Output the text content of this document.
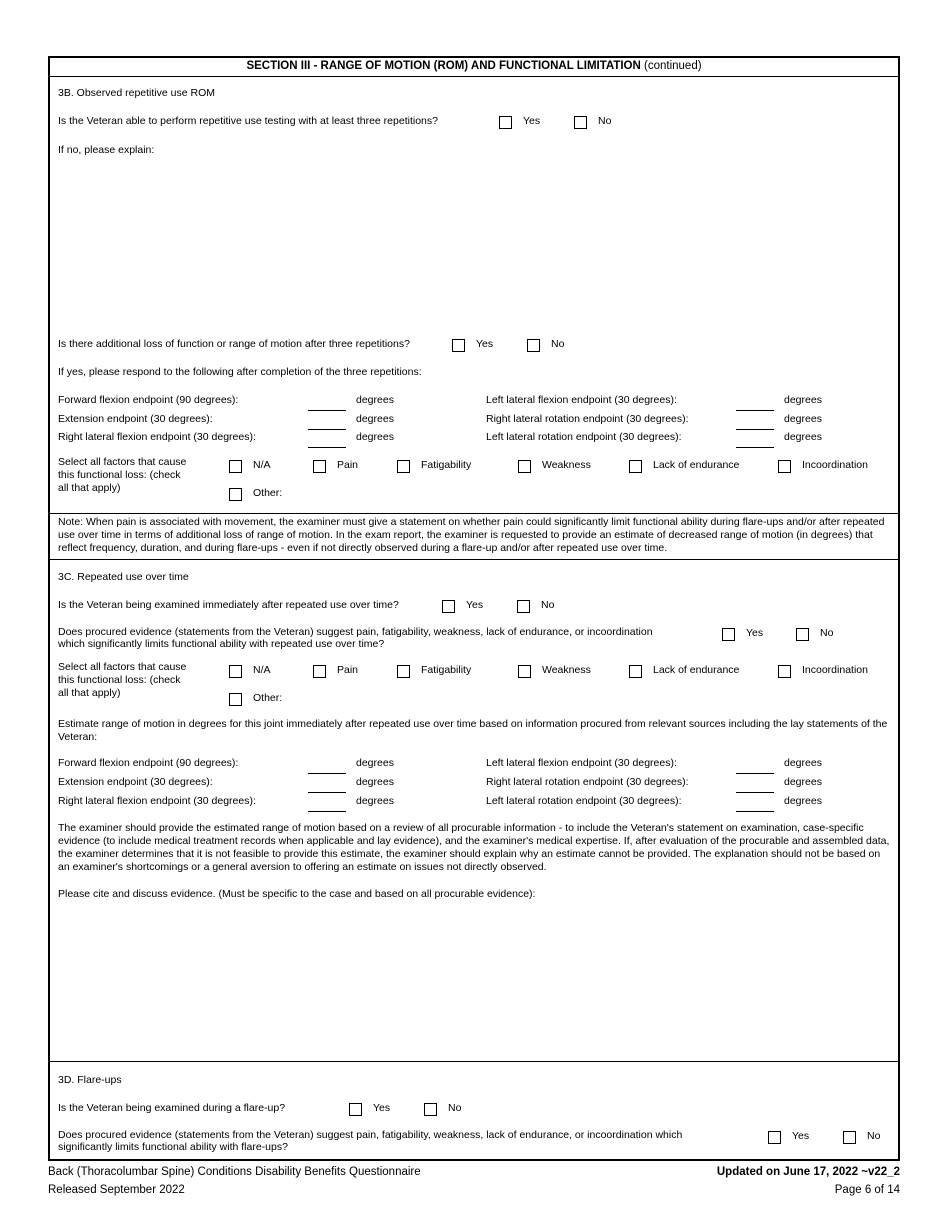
SECTION III - RANGE OF MOTION (ROM) AND FUNCTIONAL LIMITATION (continued)
3B. Observed repetitive use ROM
Is the Veteran able to perform repetitive use testing with at least three repetitions?	Yes	No
If no, please explain:
Is there additional loss of function or range of motion after three repetitions?	Yes	No
If yes, please respond to the following after completion of the three repetitions:
Forward flexion endpoint (90 degrees):	degrees	Left lateral flexion endpoint (30 degrees):	degrees
Extension endpoint (30 degrees):	degrees	Right lateral rotation endpoint (30 degrees):	degrees
Right lateral flexion endpoint (30 degrees):	degrees	Left lateral rotation endpoint (30 degrees):	degrees
Select all factors that cause
this functional loss: (check
all that apply)
N/A	Pain	Fatigability	Weakness	Lack of endurance	Incoordination
Other:
Note: When pain is associated with movement, the examiner must give a statement on whether pain could significantly limit functional ability during flare-ups and/or after repeated use over time in terms of additional loss of range of motion. In the exam report, the examiner is requested to provide an estimate of decreased range of motion (in degrees) that reflect frequency, duration, and during flare-ups - even if not directly observed during a flare-up and/or after repeated use over time.
3C. Repeated use over time
Is the Veteran being examined immediately after repeated use over time?	Yes	No
Does procured evidence (statements from the Veteran) suggest pain, fatigability, weakness, lack of endurance, or incoordination
which significantly limits functional ability with repeated use over time?
Yes	No
Select all factors that cause
this functional loss: (check
all that apply)
N/A	Pain	Fatigability	Weakness	Lack of endurance	Incoordination
Other:
Estimate range of motion in degrees for this joint immediately after repeated use over time based on information procured from relevant sources including the lay statements of the Veteran:
Forward flexion endpoint (90 degrees):	degrees	Left lateral flexion endpoint (30 degrees):	degrees
Extension endpoint (30 degrees):	degrees	Right lateral rotation endpoint (30 degrees):	degrees
Right lateral flexion endpoint (30 degrees):	degrees	Left lateral rotation endpoint (30 degrees):	degrees
The examiner should provide the estimated range of motion based on a review of all procurable information - to include the Veteran's statement on examination, case-specific evidence (to include medical treatment records when applicable and lay evidence), and the examiner's medical expertise. If, after evaluation of the procurable and assembled data, the examiner determines that it is not feasible to provide this estimate, the examiner should explain why an estimate cannot be provided. The explanation should not be based on an examiner's shortcomings or a general aversion to offering an estimate on issues not directly observed.
Please cite and discuss evidence. (Must be specific to the case and based on all procurable evidence):
3D. Flare-ups
Is the Veteran being examined during a flare-up?	Yes	No
Does procured evidence (statements from the Veteran) suggest pain, fatigability, weakness, lack of endurance, or incoordination which
significantly limits functional ability with flare-ups?
Yes	No
Back (Thoracolumbar Spine) Conditions Disability Benefits Questionnaire
Released September 2022
Updated on June 17, 2022 ~v22_2
Page 6 of 14
